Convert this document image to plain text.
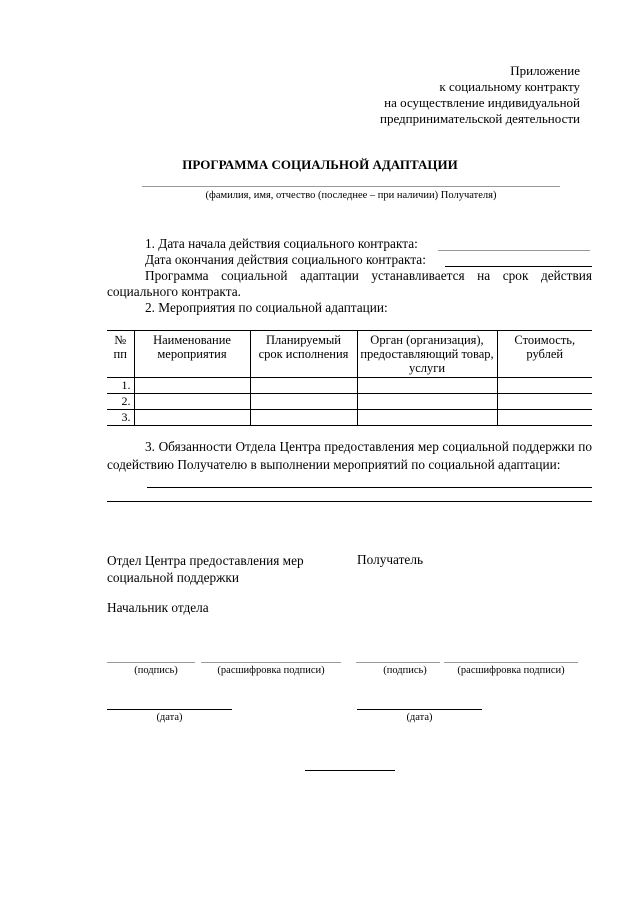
Приложение
к социальному контракту
на осуществление индивидуальной
предпринимательской деятельности
ПРОГРАММА СОЦИАЛЬНОЙ АДАПТАЦИИ
(фамилия, имя, отчество (последнее – при наличии) Получателя)
1. Дата начала действия социального контракта:
Дата окончания действия социального контракта:
Программа социальной адаптации устанавливается на срок действия социального контракта.
2. Мероприятия по социальной адаптации:
№ пп	Наименование мероприятия	Планируемый срок исполнения	Орган (организация), предоставляющий товар, услуги	Стоимость, рублей
1.				
2.				
3.				
3. Обязанности Отдела Центра предоставления мер социальной поддержки по содействию Получателю в выполнении мероприятий по социальной адаптации:
Отдел Центра предоставления мер социальной поддержки
Получатель
Начальник отдела
(подпись)	(расшифровка подписи)	(подпись)	(расшифровка подписи)
(дата)	(дата)
